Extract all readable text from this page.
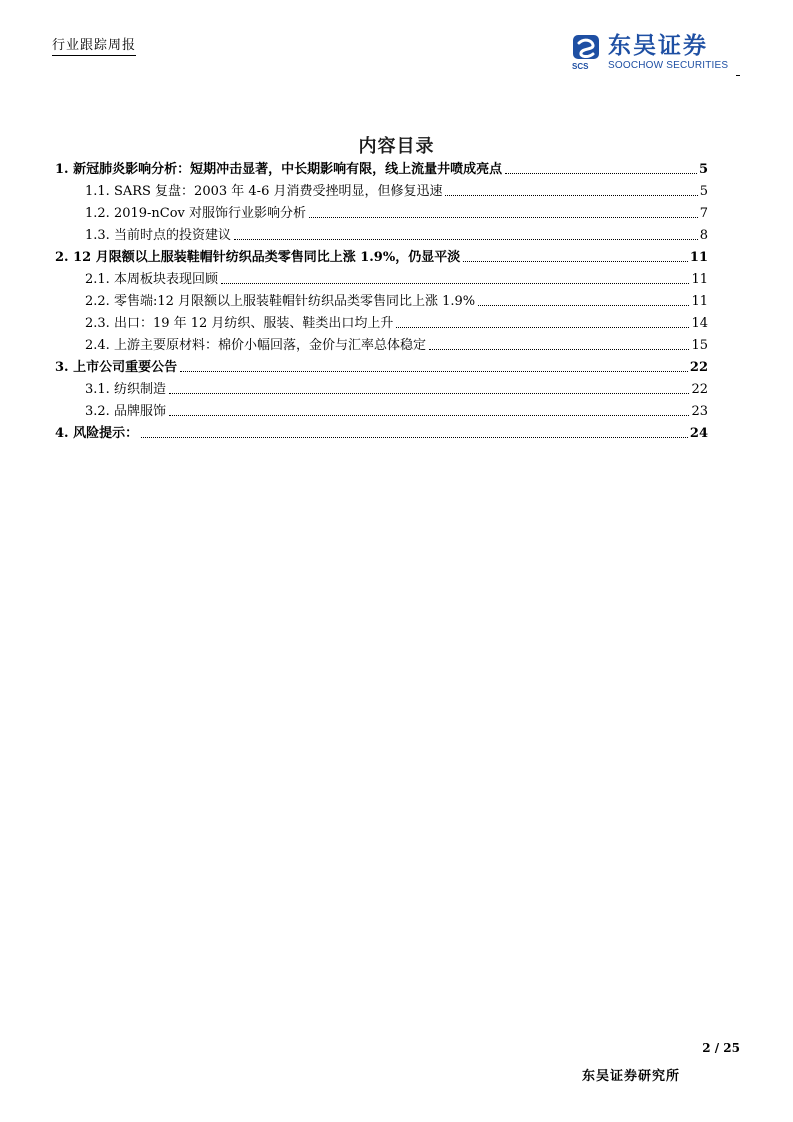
行业跟踪周报
SCS
东吴证券
SOOCHOW SECURITIES
内容目录
1. 新冠肺炎影响分析：短期冲击显著，中长期影响有限，线上流量井喷成亮点	5
1.1. SARS 复盘：2003 年 4-6 月消费受挫明显，但修复迅速	5
1.2. 2019-nCov 对服饰行业影响分析	7
1.3. 当前时点的投资建议	8
2. 12 月限额以上服装鞋帽针纺织品类零售同比上涨 1.9%，仍显平淡	11
2.1. 本周板块表现回顾	11
2.2. 零售端:12 月限额以上服装鞋帽针纺织品类零售同比上涨 1.9%	11
2.3. 出口：19 年 12 月纺织、服装、鞋类出口均上升	14
2.4. 上游主要原材料：棉价小幅回落，金价与汇率总体稳定	15
3. 上市公司重要公告	22
3.1. 纺织制造	22
3.2. 品牌服饰	23
4. 风险提示：	24
2 / 25
东吴证券研究所
